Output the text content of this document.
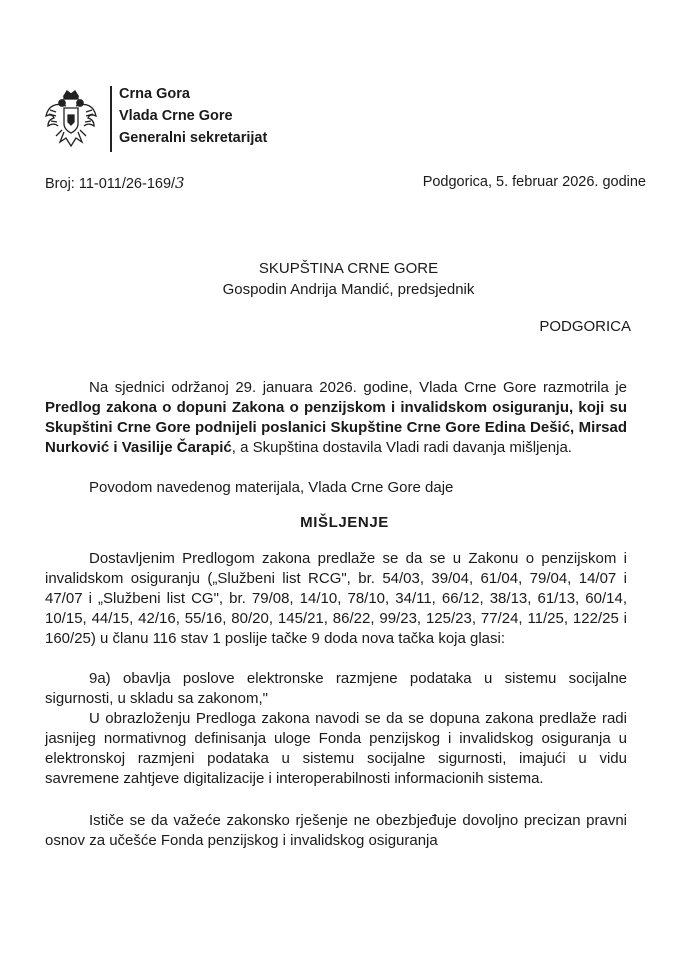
Crna Gora
Vlada Crne Gore
Generalni sekretarijat
Broj: 11-011/26-169/3	Podgorica, 5. februar 2026. godine
SKUPŠTINA CRNE GORE
Gospodin Andrija Mandić, predsjednik
PODGORICA
Na sjednici održanoj 29. januara 2026. godine, Vlada Crne Gore razmotrila je Predlog zakona o dopuni Zakona o penzijskom i invalidskom osiguranju, koji su Skupštini Crne Gore podnijeli poslanici Skupštine Crne Gore Edina Dešić, Mirsad Nurković i Vasilije Čarapić, a Skupština dostavila Vladi radi davanja mišljenja.
Povodom navedenog materijala, Vlada Crne Gore daje
MIŠLJENJE
Dostavljenim Predlogom zakona predlaže se da se u Zakonu o penzijskom i invalidskom osiguranju („Službeni list RCG", br. 54/03, 39/04, 61/04, 79/04, 14/07 i 47/07 i „Službeni list CG", br. 79/08, 14/10, 78/10, 34/11, 66/12, 38/13, 61/13, 60/14, 10/15, 44/15, 42/16, 55/16, 80/20, 145/21, 86/22, 99/23, 125/23, 77/24, 11/25, 122/25 i 160/25) u članu 116 stav 1 poslije tačke 9 doda nova tačka koja glasi:
9a) obavlja poslove elektronske razmjene podataka u sistemu socijalne sigurnosti, u skladu sa zakonom,"
U obrazloženju Predloga zakona navodi se da se dopuna zakona predlaže radi jasnijeg normativnog definisanja uloge Fonda penzijskog i invalidskog osiguranja u elektronskoj razmjeni podataka u sistemu socijalne sigurnosti, imajući u vidu savremene zahtjeve digitalizacije i interoperabilnosti informacionih sistema.
Ističe se da važeće zakonsko rješenje ne obezbjeđuje dovoljno precizan pravni osnov za učešće Fonda penzijskog i invalidskog osiguranja
